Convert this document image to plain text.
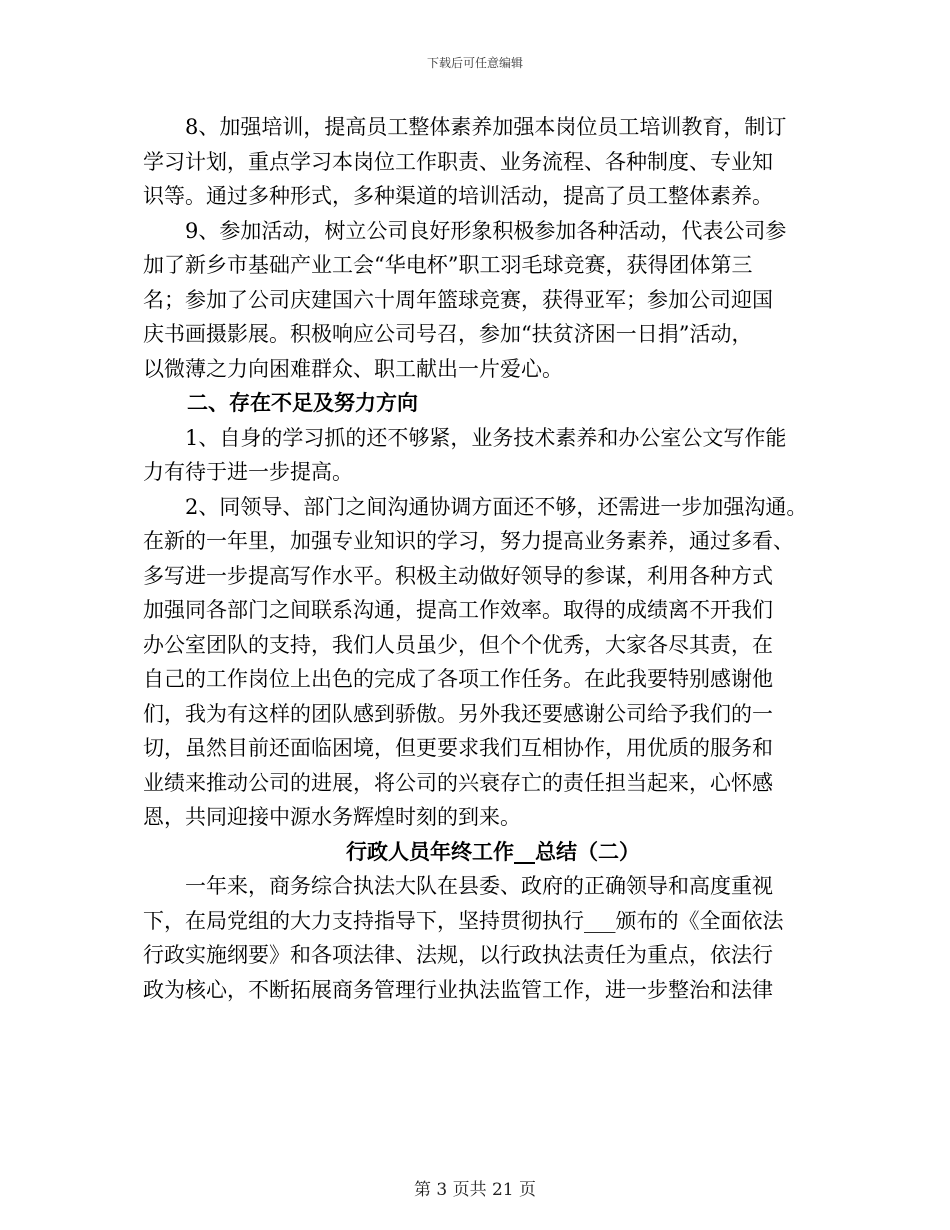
下载后可任意编辑
8、加强培训，提高员工整体素养加强本岗位员工培训教育，制订
学习计划，重点学习本岗位工作职责、业务流程、各种制度、专业知
识等。通过多种形式，多种渠道的培训活动，提高了员工整体素养。
9、参加活动，树立公司良好形象积极参加各种活动，代表公司参
加了新乡市基础产业工会“华电杯”职工羽毛球竞赛，获得团体第三
名；参加了公司庆建国六十周年篮球竞赛，获得亚军；参加公司迎国
庆书画摄影展。积极响应公司号召，参加“扶贫济困一日捐”活动，
以微薄之力向困难群众、职工献出一片爱心。
二、存在不足及努力方向
1、自身的学习抓的还不够紧，业务技术素养和办公室公文写作能
力有待于进一步提高。
2、同领导、部门之间沟通协调方面还不够，还需进一步加强沟通。
在新的一年里，加强专业知识的学习，努力提高业务素养，通过多看、
多写进一步提高写作水平。积极主动做好领导的参谋，利用各种方式
加强同各部门之间联系沟通，提高工作效率。取得的成绩离不开我们
办公室团队的支持，我们人员虽少，但个个优秀，大家各尽其责，在
自己的工作岗位上出色的完成了各项工作任务。在此我要特别感谢他
们，我为有这样的团队感到骄傲。另外我还要感谢公司给予我们的一
切，虽然目前还面临困境，但更要求我们互相协作，用优质的服务和
业绩来推动公司的进展，将公司的兴衰存亡的责任担当起来，心怀感
恩，共同迎接中源水务辉煌时刻的到来。
行政人员年终工作__总结（二）
一年来，商务综合执法大队在县委、政府的正确领导和高度重视
下，在局党组的大力支持指导下，坚持贯彻执行___颁布的《全面依法
行政实施纲要》和各项法律、法规，以行政执法责任为重点，依法行
政为核心，不断拓展商务管理行业执法监管工作，进一步整治和法律
第 3 页共 21 页
